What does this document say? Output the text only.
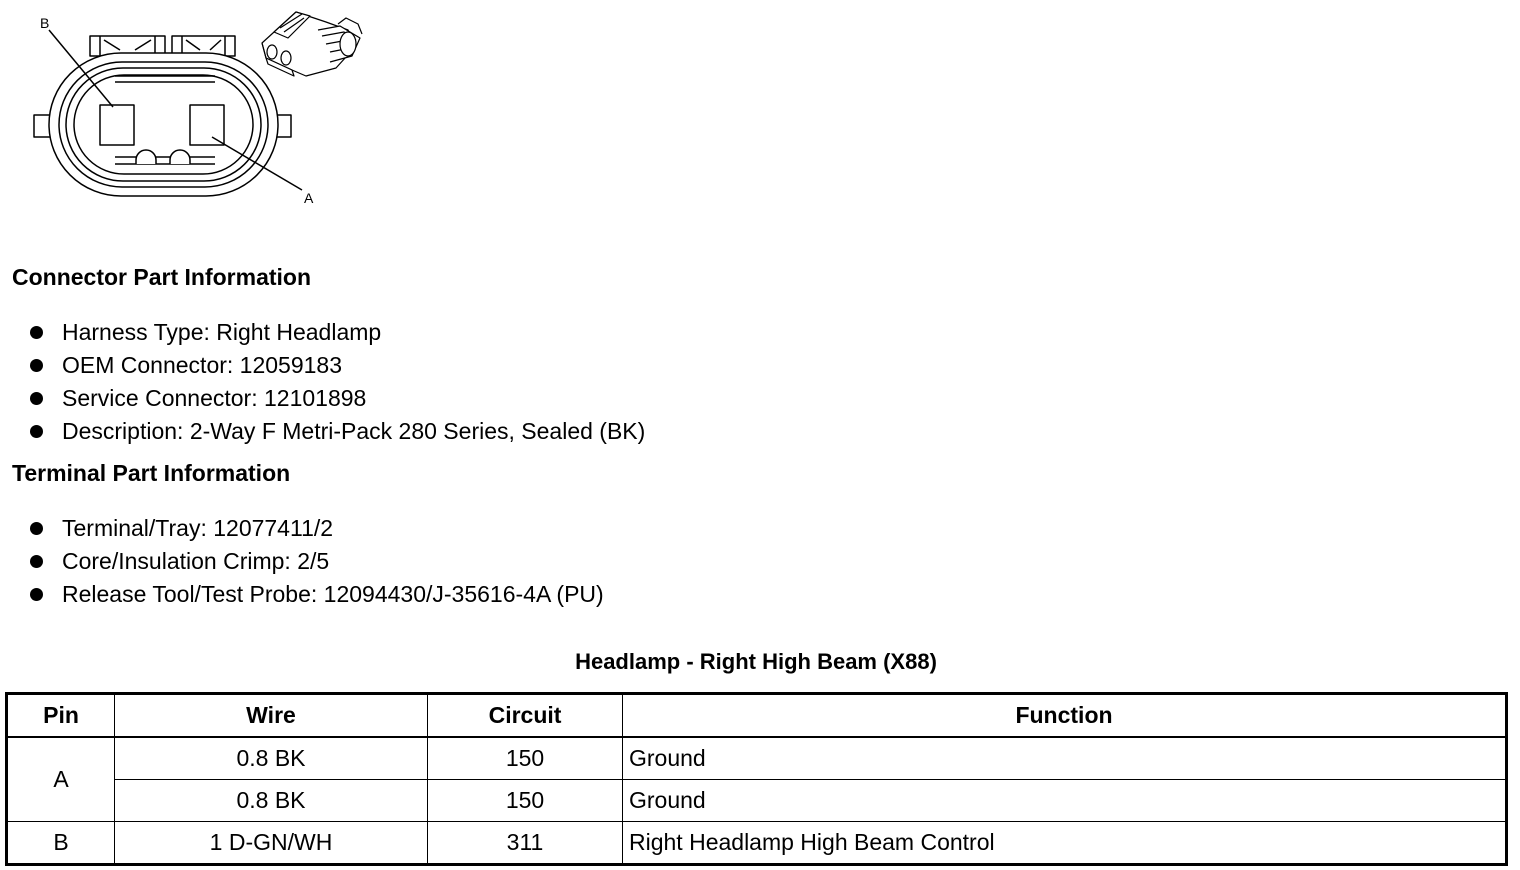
B
A
Connector Part Information
Harness Type: Right Headlamp
OEM Connector: 12059183
Service Connector: 12101898
Description: 2-Way F Metri-Pack 280 Series, Sealed (BK)
Terminal Part Information
Terminal/Tray: 12077411/2
Core/Insulation Crimp: 2/5
Release Tool/Test Probe: 12094430/J-35616-4A (PU)
Headlamp - Right High Beam (X88)
Pin	Wire	Circuit	Function
A	0.8 BK	150	Ground
	0.8 BK	150	Ground
B	1 D-GN/WH	311	Right Headlamp High Beam Control
